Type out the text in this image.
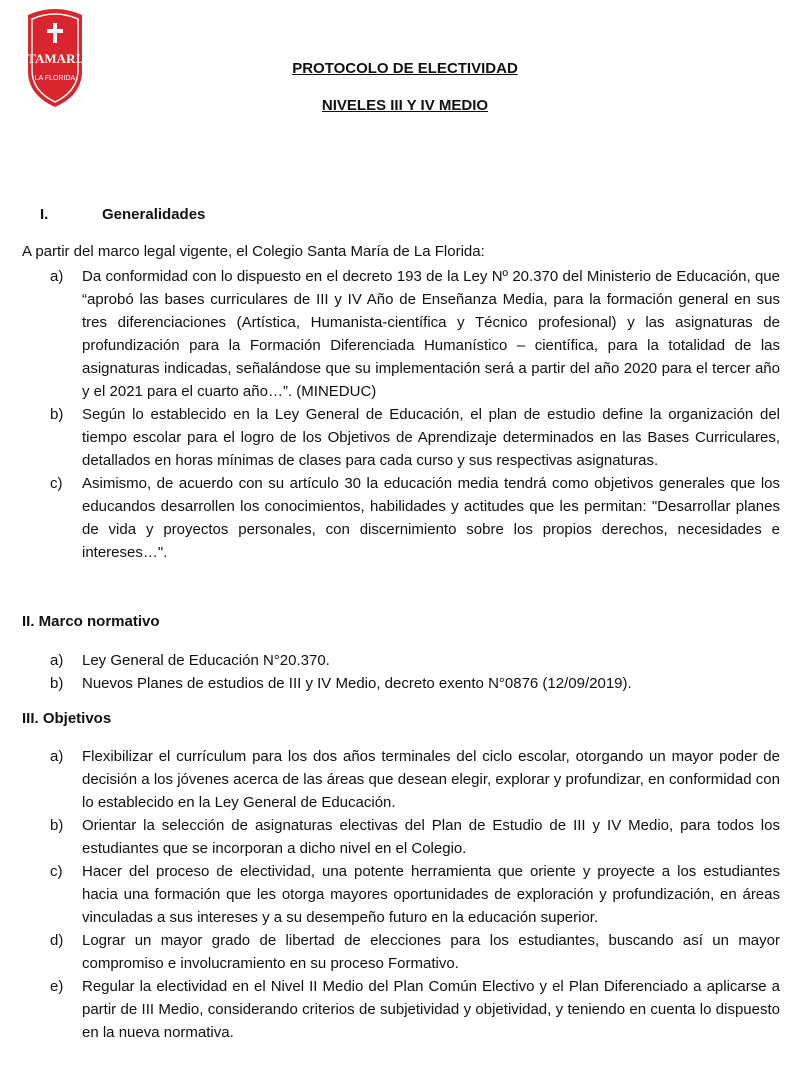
STAMARIA
LA FLORIDA
PROTOCOLO DE ELECTIVIDAD
NIVELES III Y IV MEDIO
I.	Generalidades
A partir del marco legal vigente, el Colegio Santa María de La Florida:
a)	Da conformidad con lo dispuesto en el decreto 193 de la Ley Nº 20.370 del Ministerio de Educación, que “aprobó las bases curriculares de III y IV Año de Enseñanza Media, para la formación general en sus tres diferenciaciones (Artística, Humanista-científica y Técnico profesional) y las asignaturas de profundización para la Formación Diferenciada Humanístico – científica, para la totalidad de las asignaturas indicadas, señalándose que su implementación será a partir del año 2020 para el tercer año y el 2021 para el cuarto año…”. (MINEDUC)
b)	Según lo establecido en la Ley General de Educación, el plan de estudio define la organización del tiempo escolar para el logro de los Objetivos de Aprendizaje determinados en las Bases Curriculares, detallados en horas mínimas de clases para cada curso y sus respectivas asignaturas.
c)	Asimismo, de acuerdo con su artículo 30 la educación media tendrá como objetivos generales que los educandos desarrollen los conocimientos, habilidades y actitudes que les permitan: "Desarrollar planes de vida y proyectos personales, con discernimiento sobre los propios derechos, necesidades e intereses…".
II. Marco normativo
a)	Ley General de Educación N°20.370.
b)	Nuevos Planes de estudios de III y IV Medio, decreto exento N°0876 (12/09/2019).
III. Objetivos
a)	Flexibilizar el currículum para los dos años terminales del ciclo escolar, otorgando un mayor poder de decisión a los jóvenes acerca de las áreas que desean elegir, explorar y profundizar, en conformidad con lo establecido en la Ley General de Educación.
b)	Orientar la selección de asignaturas electivas del Plan de Estudio de III y IV Medio, para todos los estudiantes que se incorporan a dicho nivel en el Colegio.
c)	Hacer del proceso de electividad, una potente herramienta que oriente y proyecte a los estudiantes hacia una formación que les otorga mayores oportunidades de exploración y profundización, en áreas vinculadas a sus intereses y a su desempeño futuro en la educación superior.
d)	Lograr un mayor grado de libertad de elecciones para los estudiantes, buscando así un mayor compromiso e involucramiento en su proceso Formativo.
e)	Regular la electividad en el Nivel II Medio del Plan Común Electivo y el Plan Diferenciado a aplicarse a partir de III Medio, considerando criterios de subjetividad y objetividad, y teniendo en cuenta lo dispuesto en la nueva normativa.
